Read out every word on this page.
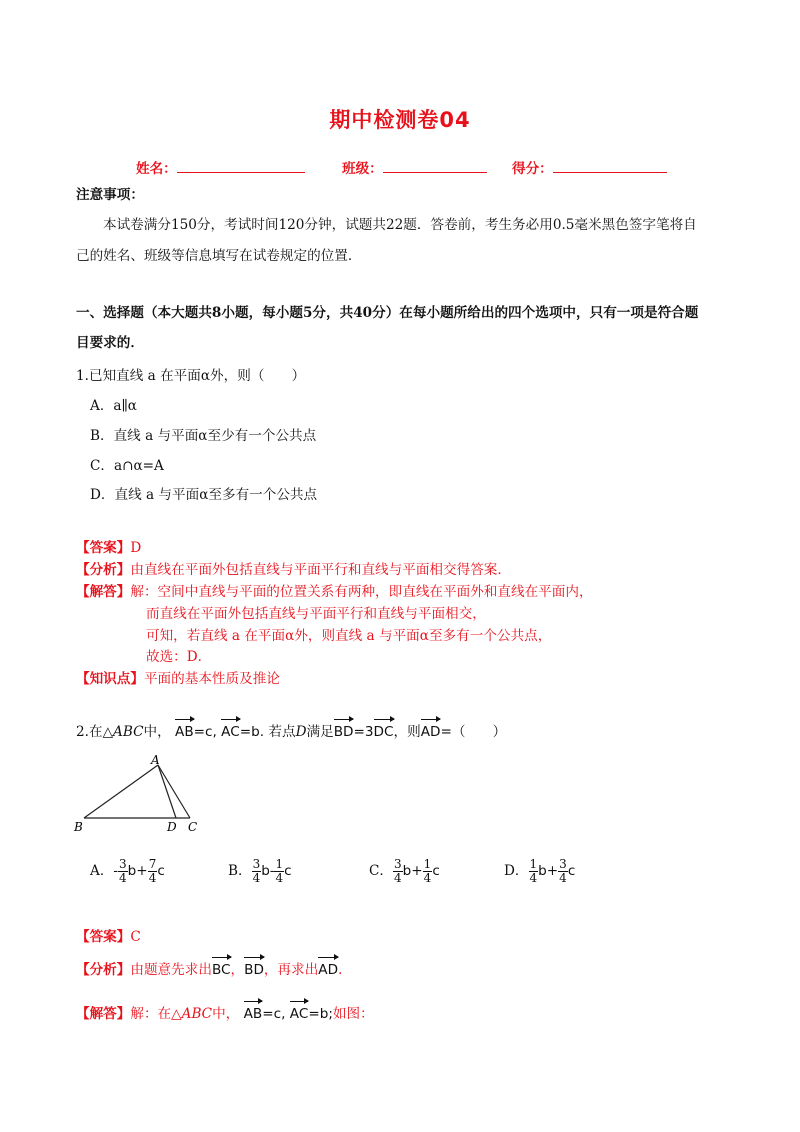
期中检测卷04
姓名：	班级：	得分：
注意事项：
本试卷满分150分，考试时间120分钟，试题共22题．答卷前，考生务必用0.5毫米黑色签字笔将自
己的姓名、班级等信息填写在试卷规定的位置．
一、选择题（本大题共8小题，每小题5分，共40分）在每小题所给出的四个选项中，只有一项是符合题
目要求的．
1.已知直线 a 在平面α外，则（　　）
A．a∥α
B．直线 a 与平面α至少有一个公共点
C．a∩α=A
D．直线 a 与平面α至多有一个公共点
【答案】D
【分析】由直线在平面外包括直线与平面平行和直线与平面相交得答案．
【解答】解：空间中直线与平面的位置关系有两种，即直线在平面外和直线在平面内，
而直线在平面外包括直线与平面平行和直线与平面相交，
可知，若直线 a 在平面α外，则直线 a 与平面α至多有一个公共点，
故选：D．
【知识点】平面的基本性质及推论
2.在△ABC中， AB=c, AC=b. 若点D满足BD=3DC，则AD=（　　）
A
B	D C
A．- $\frac{3}{4} b+ \frac{7}{4}$ c	B． $\frac{3}{4} b- \frac{1}{4}$ c	C． $\frac{3}{4} b+ \frac{1}{4}$ c	D． $\frac{1}{4} b+ \frac{3}{4}$ c
【答案】C
【分析】由题意先求出BC，BD，再求出AD．
【解答】解：在△ABC中， AB=c, AC=b;如图：
